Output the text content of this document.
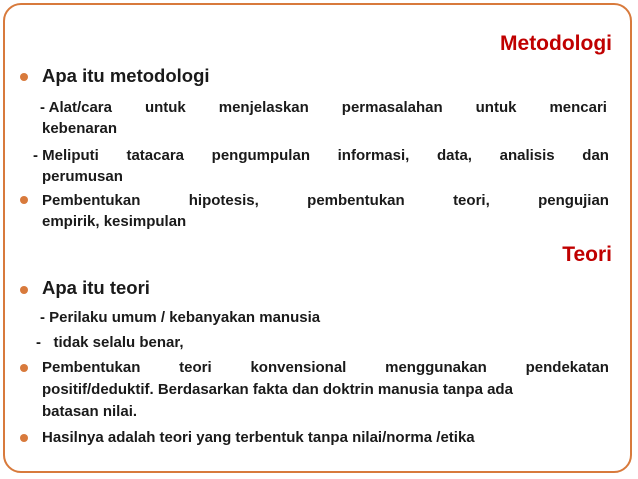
Metodologi
Apa itu metodologi
- Alat/cara untuk menjelaskan permasalahan untuk mencari
kebenaran
- Meliputi tatacara pengumpulan informasi, data, analisis dan
perumusan
Pembentukan	hipotesis,	pembentukan	teori,	pengujian
empirik, kesimpulan
Teori
Apa itu teori
- Perilaku umum / kebanyakan manusia
-   tidak selalu benar,
Pembentukan	teori	konvensional	menggunakan	pendekatan
positif/deduktif. Berdasarkan fakta dan doktrin manusia tanpa ada
batasan nilai.
Hasilnya adalah teori yang terbentuk tanpa nilai/norma /etika
